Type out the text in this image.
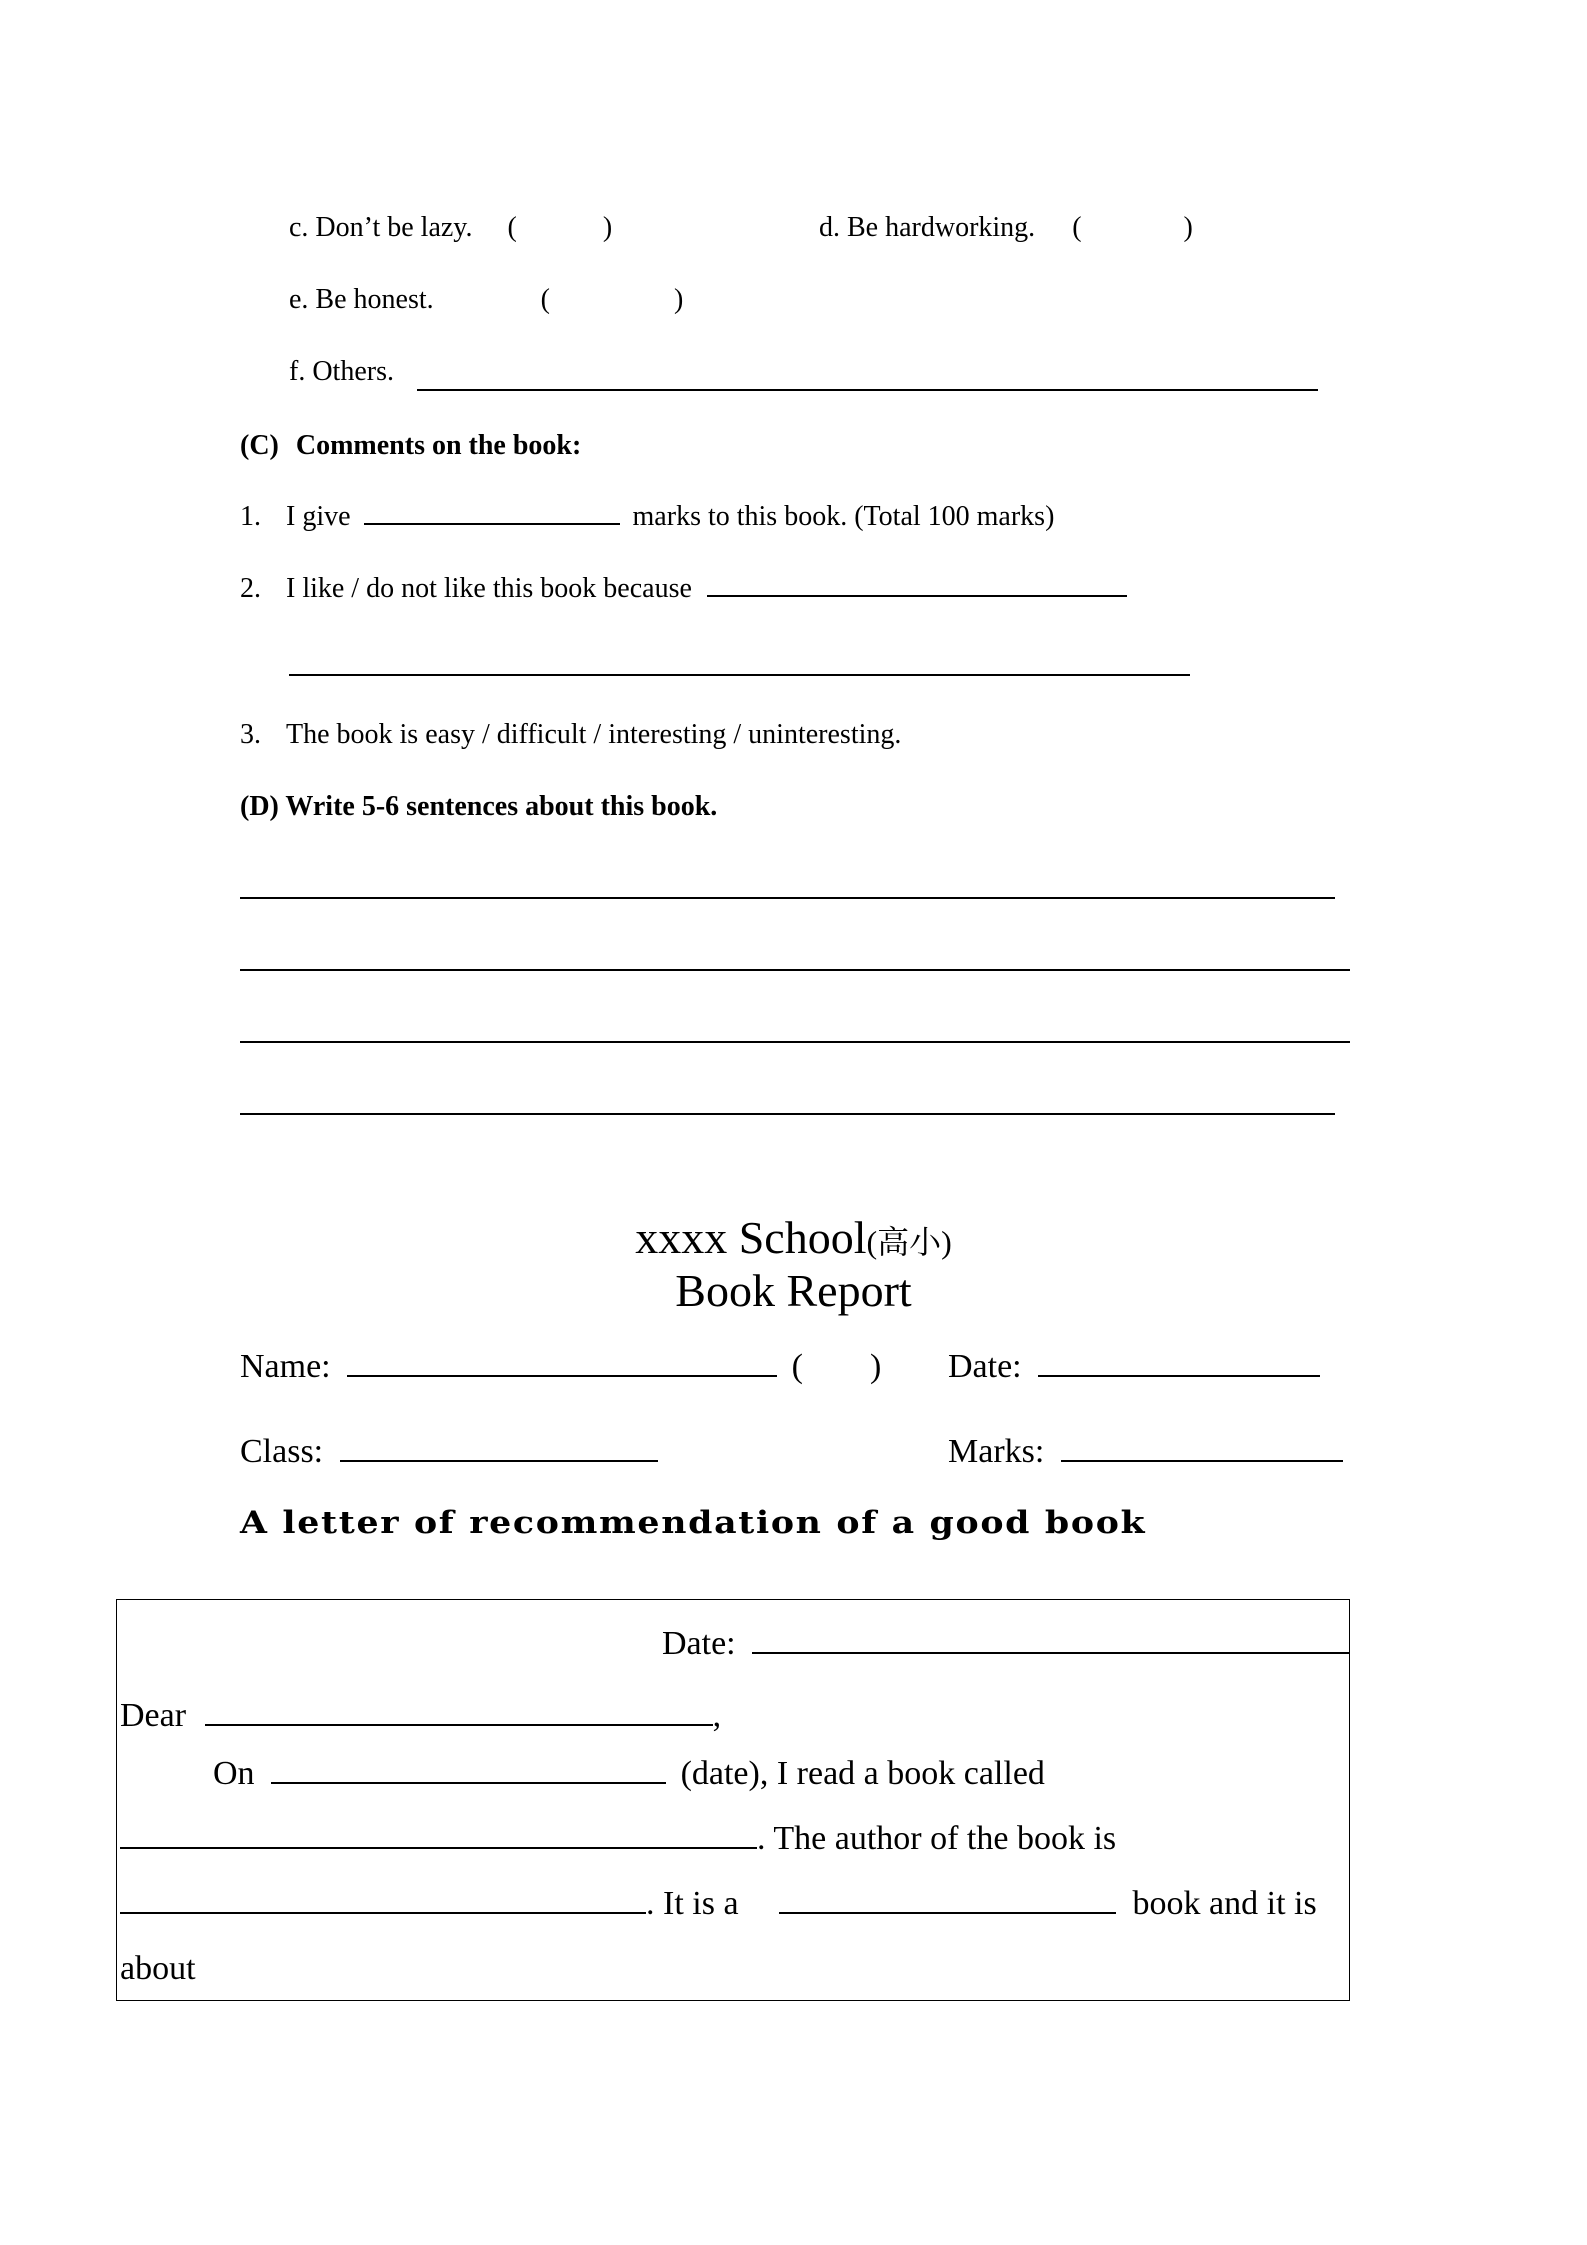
c. Don’t be lazy. (	)	d. Be hardworking. (	)
e. Be honest.	(	)
f. Others.
(C) Comments on the book:
1. I give	marks to this book. (Total 100 marks)
2. I like / do not like this book because
3. The book is easy / difficult / interesting / uninteresting.
(D) Write 5-6 sentences about this book.
xxxx School(高小)
Book Report
Name:	( ) Date:
Class:	Marks:
A letter of recommendation of a good book
Date:
Dear	,
On	(date), I read a book called
. The author of the book is
. It is a	book and it is
about
